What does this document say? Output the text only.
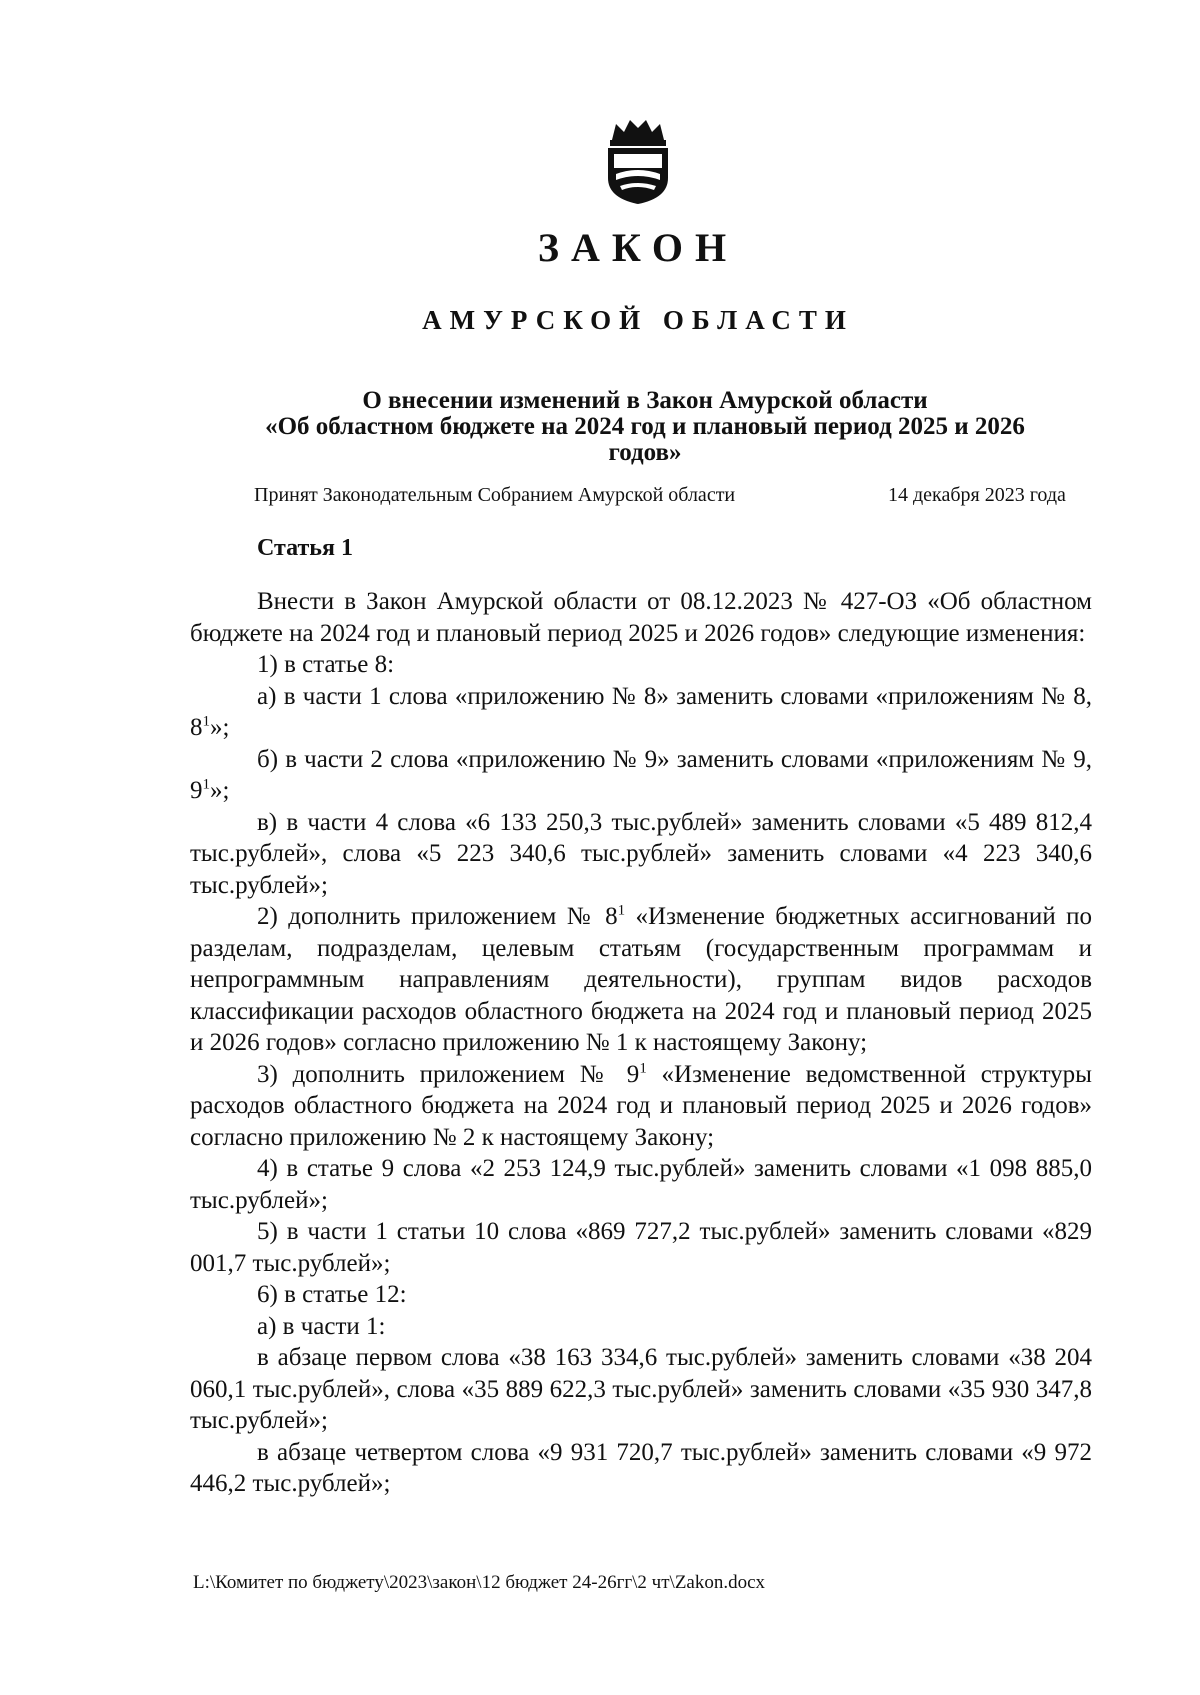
ЗАКОН
АМУРСКОЙ ОБЛАСТИ
О внесении изменений в Закон Амурской области
«Об областном бюджете на 2024 год и плановый период 2025 и 2026
годов»
Принят Законодательным Собранием Амурской области	14 декабря 2023 года
Статья 1

Внести в Закон Амурской области от 08.12.2023 № 427-ОЗ «Об областном бюджете на 2024 год и плановый период 2025 и 2026 годов» следующие изменения:

1) в статье 8:

а) в части 1 слова «приложению № 8» заменить словами «приложениям № 8, $8^1$»;

б) в части 2 слова «приложению № 9» заменить словами «приложениям № 9, $9^1$»;

в) в части 4 слова «6 133 250,3 тыс.рублей» заменить словами «5 489 812,4 тыс.рублей», слова «5 223 340,6 тыс.рублей» заменить словами «4 223 340,6 тыс.рублей»;

2) дополнить приложением № $8^1$ «Изменение бюджетных ассигнований по разделам, подразделам, целевым статьям (государственным программам и непрограммным направлениям деятельности), группам видов расходов классификации расходов областного бюджета на 2024 год и плановый период 2025 и 2026 годов» согласно приложению № 1 к настоящему Закону;

3) дополнить приложением № $9^1$ «Изменение ведомственной структуры расходов областного бюджета на 2024 год и плановый период 2025 и 2026 годов» согласно приложению № 2 к настоящему Закону;

4) в статье 9 слова «2 253 124,9 тыс.рублей» заменить словами «1 098 885,0 тыс.рублей»;

5) в части 1 статьи 10 слова «869 727,2 тыс.рублей» заменить словами «829 001,7 тыс.рублей»;

6) в статье 12:

а) в части 1:

в абзаце первом слова «38 163 334,6 тыс.рублей» заменить словами «38 204 060,1 тыс.рублей», слова «35 889 622,3 тыс.рублей» заменить словами «35 930 347,8 тыс.рублей»;

в абзаце четвертом слова «9 931 720,7 тыс.рублей» заменить словами «9 972 446,2 тыс.рублей»;

L:\Комитет по бюджету\2023\закон\12 бюджет 24-26гг\2 чт\Zakon.docx
